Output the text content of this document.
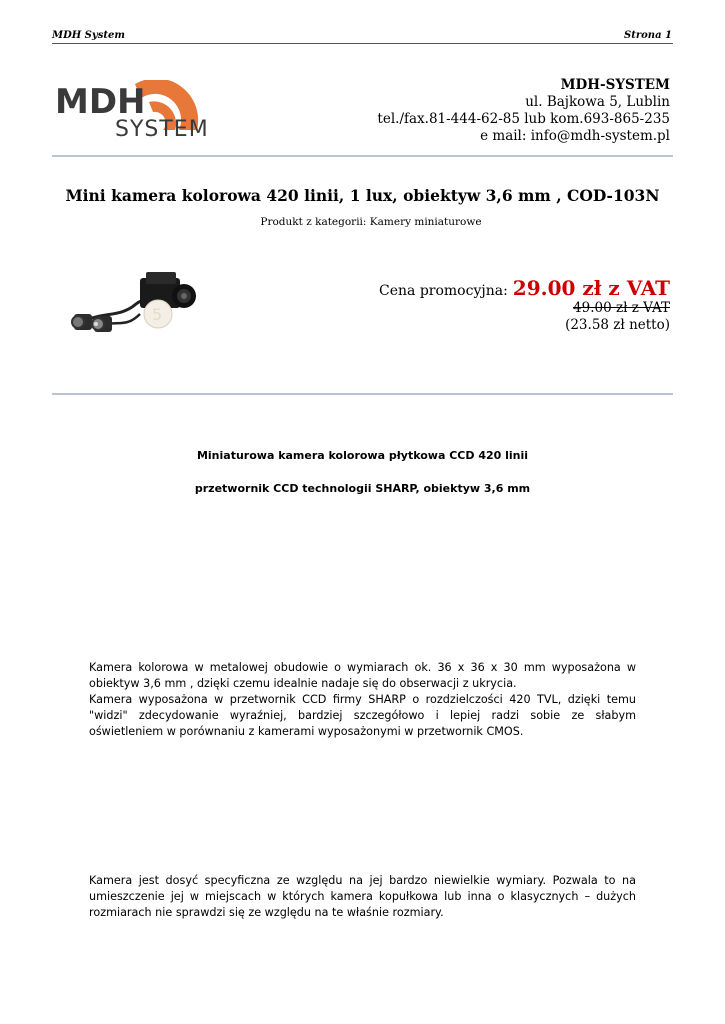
MDH System	Strona 1
MDH
SYSTEM
MDH-SYSTEM
ul. Bajkowa 5, Lublin
tel./fax.81-444-62-85 lub kom.693-865-235
e mail: info@mdh-system.pl
Mini kamera kolorowa 420 linii, 1 lux, obiektyw 3,6 mm , COD-103N
Produkt z kategorii: Kamery miniaturowe
5
Cena promocyjna: 29.00 zł z VAT
49.00 zł z VAT
(23.58 zł netto)
Miniaturowa kamera kolorowa płytkowa CCD 420 linii
przetwornik CCD technologii SHARP, obiektyw 3,6 mm
Kamera kolorowa w metalowej obudowie o wymiarach ok. 36 x 36 x 30 mm wyposażona w obiektyw 3,6 mm , dzięki czemu idealnie nadaje się do obserwacji z ukrycia.
Kamera wyposażona w przetwornik CCD firmy SHARP o rozdzielczości 420 TVL, dzięki temu "widzi" zdecydowanie wyraźniej, bardziej szczegółowo i lepiej radzi sobie ze słabym oświetleniem w porównaniu z kamerami wyposażonymi w przetwornik CMOS.
Kamera jest dosyć specyficzna ze względu na jej bardzo niewielkie wymiary. Pozwala to na umieszczenie jej w miejscach w których kamera kopułkowa lub inna o klasycznych – dużych rozmiarach nie sprawdzi się ze względu na te właśnie rozmiary.
